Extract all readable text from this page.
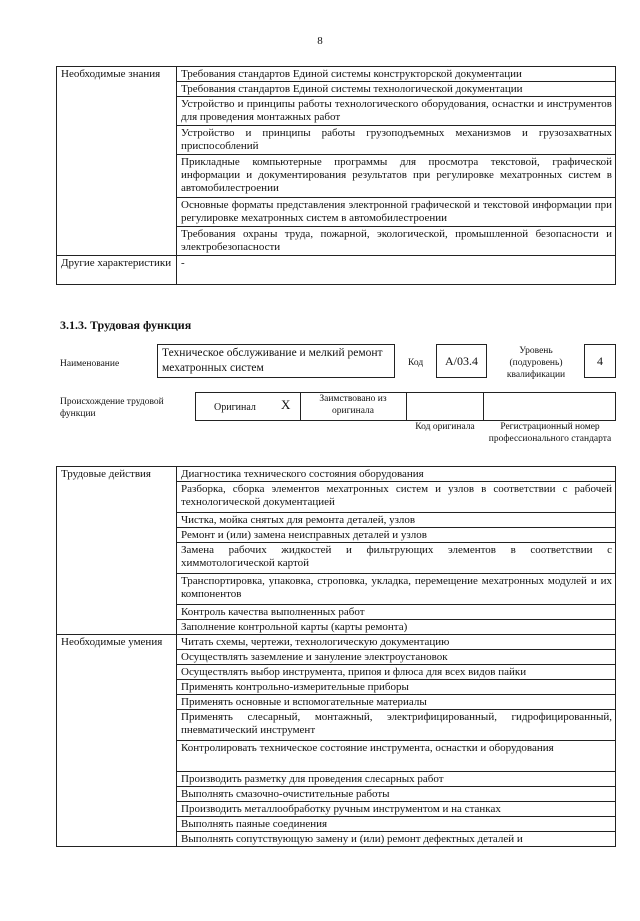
8
Необходимые знания	Требования стандартов Единой системы конструкторской документации
	Требования стандартов Единой системы технологической документации
	Устройство и принципы работы технологического оборудования, оснастки и инструментов для проведения монтажных работ
	Устройство и принципы работы грузоподъемных механизмов и грузозахватных приспособлений
	Прикладные компьютерные программы для просмотра текстовой, графической информации и документирования результатов при регулировке мехатронных систем в автомобилестроении
	Основные форматы представления электронной графической и текстовой информации при регулировке мехатронных систем в автомобилестроении
	Требования охраны труда, пожарной, экологической, промышленной безопасности и электробезопасности
Другие характеристики	-
3.1.3. Трудовая функция
Наименование
Техническое обслуживание и мелкий ремонт мехатронных систем	Код	A/03.4
Уровень (подуровень) квалификации
4
Происхождение трудовой функции
Оригинал X	Заимствовано из оригинала
Код оригинала	Регистрационный номер профессионального стандарта
Трудовые действия	Диагностика технического состояния оборудования
	Разборка, сборка элементов мехатронных систем и узлов в соответствии с рабочей технологической документацией
	Чистка, мойка снятых для ремонта деталей, узлов
	Ремонт и (или) замена неисправных деталей и узлов
	Замена рабочих жидкостей и фильтрующих элементов в соответствии с химмотологической картой
	Транспортировка, упаковка, строповка, укладка, перемещение мехатронных модулей и их компонентов
	Контроль качества выполненных работ
	Заполнение контрольной карты (карты ремонта)
Необходимые умения	Читать схемы, чертежи, технологическую документацию
	Осуществлять заземление и зануление электроустановок
	Осуществлять выбор инструмента, припоя и флюса для всех видов пайки
	Применять контрольно-измерительные приборы
	Применять основные и вспомогательные материалы
	Применять слесарный, монтажный, электрифицированный, гидрофицированный, пневматический инструмент
	Контролировать техническое состояние инструмента, оснастки и оборудования
	Производить разметку для проведения слесарных работ
	Выполнять смазочно-очистительные работы
	Производить металлообработку ручным инструментом и на станках
	Выполнять паяные соединения
	Выполнять сопутствующую замену и (или) ремонт дефектных деталей и
